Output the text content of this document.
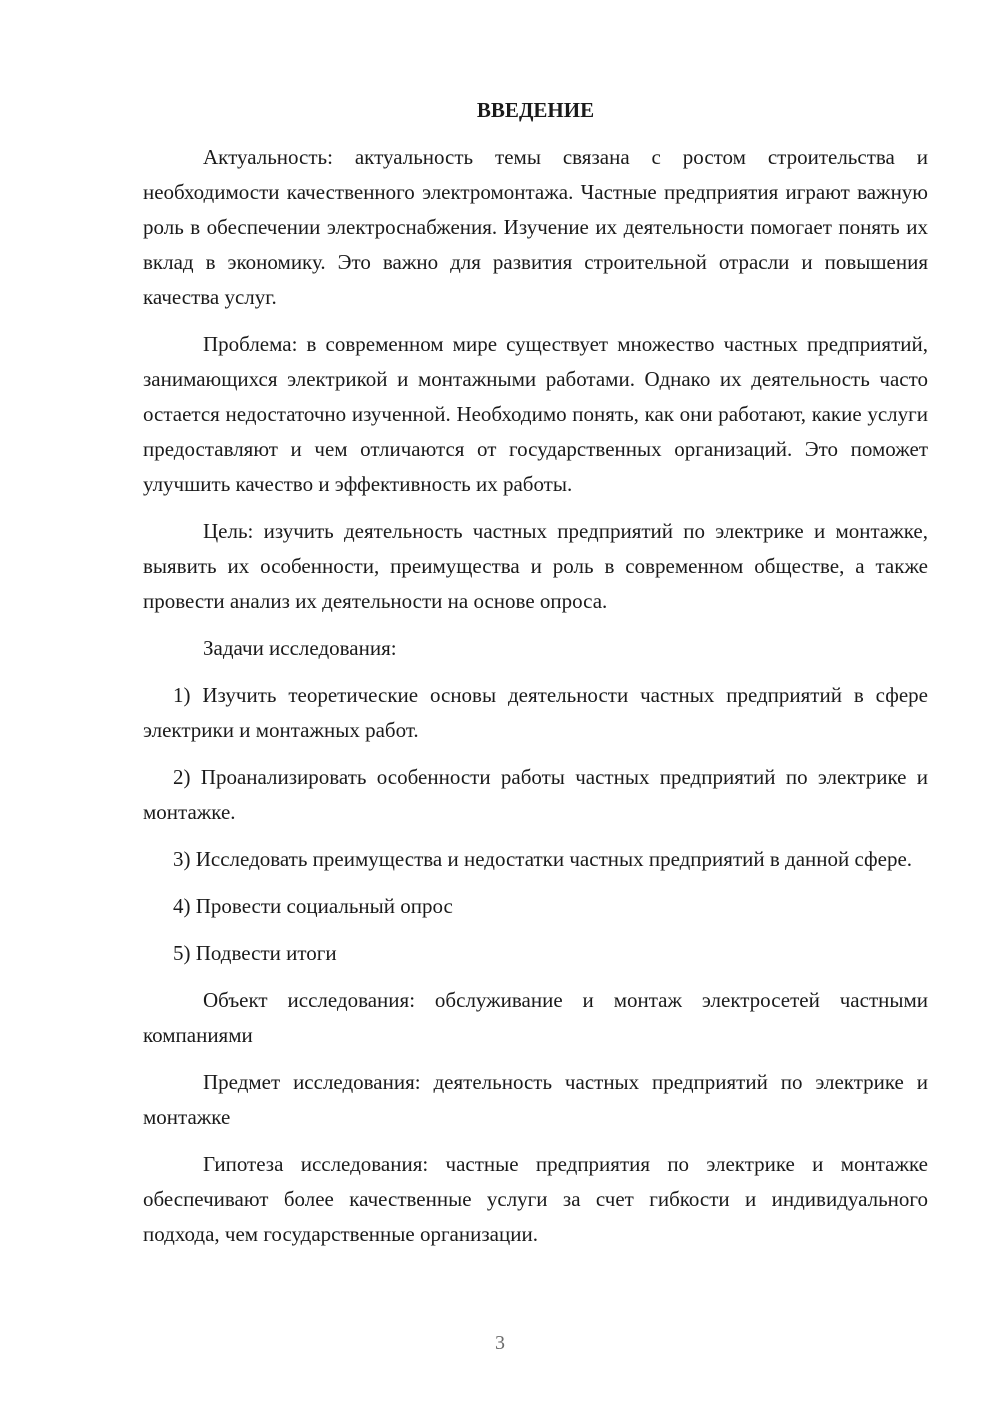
ВВЕДЕНИЕ

Актуальность: актуальность темы связана с ростом строительства и необходимости качественного электромонтажа. Частные предприятия играют важную роль в обеспечении электроснабжения. Изучение их деятельности помогает понять их вклад в экономику. Это важно для развития строительной отрасли и повышения качества услуг.

Проблема: в современном мире существует множество частных предприятий, занимающихся электрикой и монтажными работами. Однако их деятельность часто остается недостаточно изученной. Необходимо понять, как они работают, какие услуги предоставляют и чем отличаются от государственных организаций. Это поможет улучшить качество и эффективность их работы.

Цель: изучить деятельность частных предприятий по электрике и монтажке, выявить их особенности, преимущества и роль в современном обществе, а также провести анализ их деятельности на основе опроса.

Задачи исследования:

1) Изучить теоретические основы деятельности частных предприятий в сфере электрики и монтажных работ.

2) Проанализировать особенности работы частных предприятий по электрике и монтажке.

3) Исследовать преимущества и недостатки частных предприятий в данной сфере.

4) Провести социальный опрос

5) Подвести итоги

Объект исследования: обслуживание и монтаж электросетей частными компаниями

Предмет исследования: деятельность частных предприятий по электрике и монтажке

Гипотеза исследования: частные предприятия по электрике и монтажке обеспечивают более качественные услуги за счет гибкости и индивидуального подхода, чем государственные организации.

3
